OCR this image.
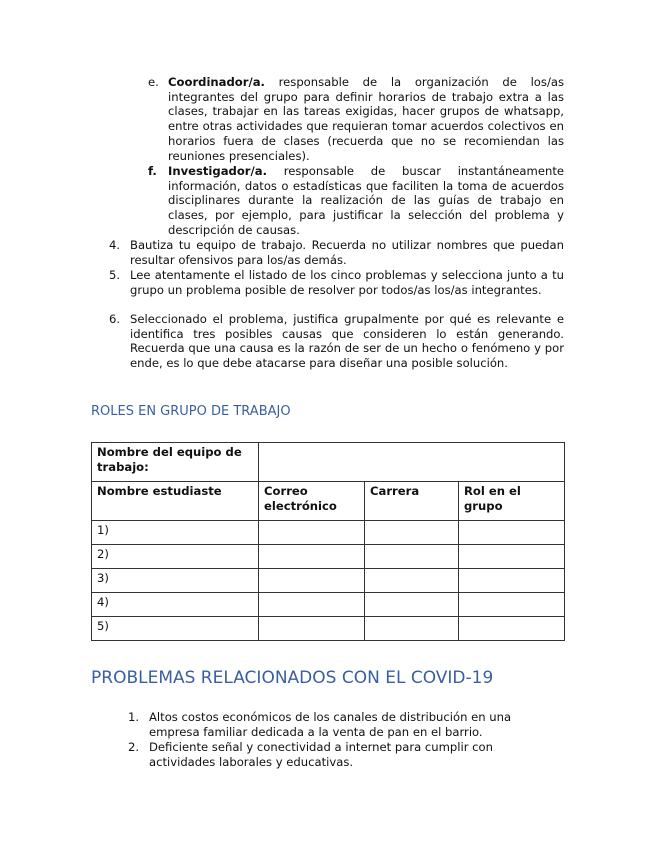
e. Coordinador/a. responsable de la organización de los/as integrantes del grupo para definir horarios de trabajo extra a las clases, trabajar en las tareas exigidas, hacer grupos de whatsapp, entre otras actividades que requieran tomar acuerdos colectivos en horarios fuera de clases (recuerda que no se recomiendan las reuniones presenciales).
f. Investigador/a. responsable de buscar instantáneamente información, datos o estadísticas que faciliten la toma de acuerdos disciplinares durante la realización de las guías de trabajo en clases, por ejemplo, para justificar la selección del problema y descripción de causas.
4. Bautiza tu equipo de trabajo. Recuerda no utilizar nombres que puedan resultar ofensivos para los/as demás.
5. Lee atentamente el listado de los cinco problemas y selecciona junto a tu grupo un problema posible de resolver por todos/as los/as integrantes.
6. Seleccionado el problema, justifica grupalmente por qué es relevante e identifica tres posibles causas que consideren lo están generando. Recuerda que una causa es la razón de ser de un hecho o fenómeno y por ende, es lo que debe atacarse para diseñar una posible solución.
ROLES EN GRUPO DE TRABAJO
Nombre del equipo de trabajo:			
Nombre estudiaste	Correo electrónico	Carrera	Rol en el grupo
1)			
2)			
3)			
4)			
5)			
PROBLEMAS RELACIONADOS CON EL COVID-19
1. Altos costos económicos de los canales de distribución en una empresa familiar dedicada a la venta de pan en el barrio.
2. Deficiente señal y conectividad a internet para cumplir con actividades laborales y educativas.
